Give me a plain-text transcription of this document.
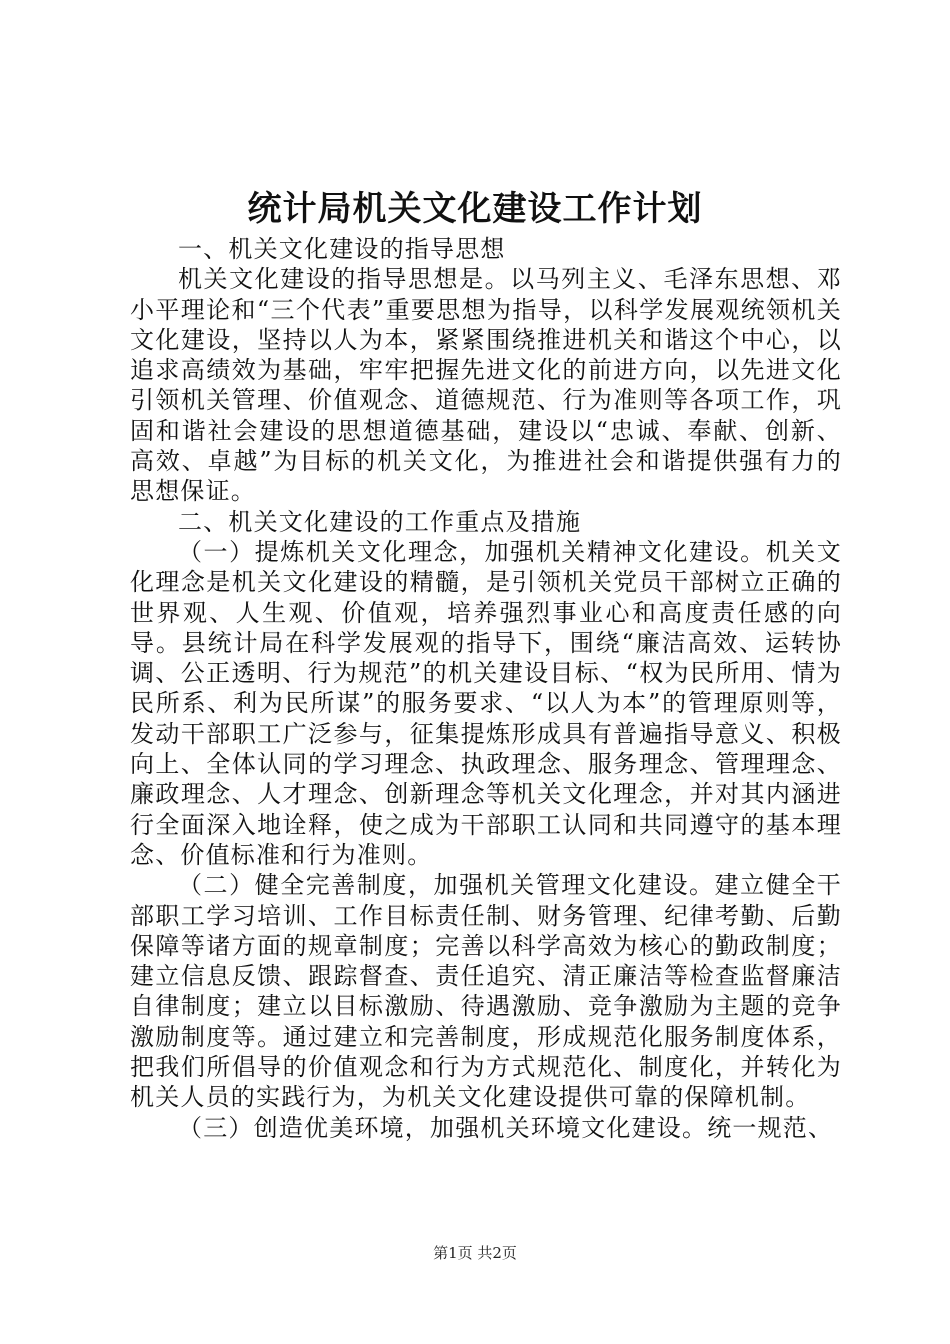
统计局机关文化建设工作计划

一、机关文化建设的指导思想

机关文化建设的指导思想是。以马列主义、毛泽东思想、邓小平理论和“三个代表”重要思想为指导，以科学发展观统领机关文化建设，坚持以人为本，紧紧围绕推进机关和谐这个中心，以追求高绩效为基础，牢牢把握先进文化的前进方向，以先进文化引领机关管理、价值观念、道德规范、行为准则等各项工作，巩固和谐社会建设的思想道德基础，建设以“忠诚、奉献、创新、高效、卓越”为目标的机关文化，为推进社会和谐提供强有力的思想保证。

二、机关文化建设的工作重点及措施

（一）提炼机关文化理念，加强机关精神文化建设。机关文化理念是机关文化建设的精髓，是引领机关党员干部树立正确的世界观、人生观、价值观，培养强烈事业心和高度责任感的向导。县统计局在科学发展观的指导下，围绕“廉洁高效、运转协调、公正透明、行为规范”的机关建设目标、“权为民所用、情为民所系、利为民所谋”的服务要求、“以人为本”的管理原则等，发动干部职工广泛参与，征集提炼形成具有普遍指导意义、积极向上、全体认同的学习理念、执政理念、服务理念、管理理念、廉政理念、人才理念、创新理念等机关文化理念，并对其内涵进行全面深入地诠释，使之成为干部职工认同和共同遵守的基本理念、价值标准和行为准则。

（二）健全完善制度，加强机关管理文化建设。建立健全干部职工学习培训、工作目标责任制、财务管理、纪律考勤、后勤保障等诸方面的规章制度；完善以科学高效为核心的勤政制度；建立信息反馈、跟踪督查、责任追究、清正廉洁等检查监督廉洁自律制度；建立以目标激励、待遇激励、竞争激励为主题的竞争激励制度等。通过建立和完善制度，形成规范化服务制度体系，把我们所倡导的价值观念和行为方式规范化、制度化，并转化为机关人员的实践行为，为机关文化建设提供可靠的保障机制。

（三）创造优美环境，加强机关环境文化建设。统一规范、

第1页 共2页
